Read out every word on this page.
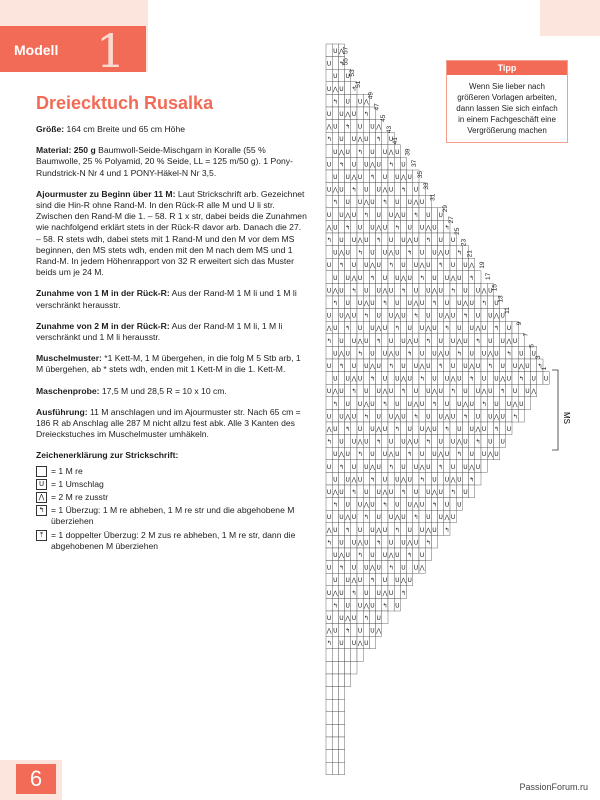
Modell 1
Dreiecktuch Rusalka

Größe: 164 cm Breite und 65 cm Höhe

Material: 250 g Baumwoll-Seide-Mischgarn in Koralle (55 % Baumwolle, 25 % Polyamid, 20 % Seide, LL = 125 m/50 g). 1 Pony-Rundstrick-N Nr 4 und 1 PONY-Häkel-N Nr 3,5.

Ajourmuster zu Beginn über 11 M: Laut Strickschrift arb. Gezeichnet sind die Hin-R ohne Rand-M. In den Rück-R alle M und U li str. Zwischen den Rand-M die 1. – 58. R 1 x str, dabei beids die Zunahmen wie nachfolgend erklärt stets in der Rück-R davor arb. Danach die 27. – 58. R stets wdh, dabei stets mit 1 Rand-M und den M vor dem MS beginnen, den MS stets wdh, enden mit den M nach dem MS und 1 Rand-M. In jedem Höhenrapport von 32 R erweitert sich das Muster beids um je 24 M.

Zunahme von 1 M in der Rück-R: Aus der Rand-M 1 M li und 1 M li verschränkt herausstr.

Zunahme von 2 M in der Rück-R: Aus der Rand-M 1 M li, 1 M li verschränkt und 1 M li herausstr.

Muschelmuster: *1 Kett-M, 1 M übergehen, in die folg M 5 Stb arb, 1 M übergehen, ab * stets wdh, enden mit 1 Kett-M in die 1. Kett-M.

Maschenprobe: 17,5 M und 28,5 R = 10 x 10 cm.

Ausführung: 11 M anschlagen und im Ajourmuster str. Nach 65 cm = 186 R ab Anschlag alle 287 M nicht allzu fest abk. Alle 3 Kanten des Dreieckstuches im Muschelmuster umhäkeln.

Zeichenerklärung zur Strickschrift:
= 1 M re
U = 1 Umschlag
⋀ = 2 M re zusstr
↰ = 1 Überzug: 1 M re abheben, 1 M re str und die abgehobene M überziehen
⤒ = 1 doppelter Überzug: 2 M zus re abheben, 1 M re str, dann die abgehobenen M überziehen
Tipp
Wenn Sie lieber nach größeren Vorlagen arbeiten, dann lassen Sie sich einfach in einem Fachgeschäft eine Vergrößerung machen
U ⋀
U ↰
U U
U ⋀ U ↰
↰ U U ⋀
U U ⋀ U ↰
⋀ U ↰ U U ⋀
↰ U U ⋀ U ↰ U
U ⋀ U ↰ U U ⋀ U
U ↰ U U ⋀ U ↰ U
U U ⋀ U ↰ U U ⋀ U
U ⋀ U ↰ U U ⋀ U ↰ U
↰ U U ⋀ U ↰ U U ⋀ U
U U ⋀ U ↰ U U ⋀ U ↰ U U
⋀ U ↰ U U ⋀ U ↰ U U ⋀ U ↰
↰ U U ⋀ U ↰ U U ⋀ U ↰ U U
U ⋀ U ↰ U U ⋀ U ↰ U U ⋀ U ↰
U ↰ U U ⋀ U ↰ U U ⋀ U ↰ U U ⋀
U U ⋀ U ↰ U U ⋀ U ↰ U U ⋀ U ↰
U ⋀ U ↰ U U ⋀ U ↰ U U ⋀ U ↰ U U ⋀ U
↰ U U ⋀ U ↰ U U ⋀ U ↰ U U ⋀ U ↰ U
U U ⋀ U ↰ U U ⋀ U ↰ U U ⋀ U ↰ U U ⋀ U
⋀ U ↰ U U ⋀ U ↰ U U ⋀ U ↰ U U ⋀ U ↰ U
↰ U U ⋀ U ↰ U U ⋀ U ↰ U U ⋀ U ↰ U U ⋀ U
U ⋀ U ↰ U U ⋀ U ↰ U U ⋀ U ↰ U U ⋀ U ↰ U U
U ↰ U U ⋀ U ↰ U U ⋀ U ↰ U U ⋀ U ↰ U U ⋀ U ↰
U U ⋀ U ↰ U U ⋀ U ↰ U U ⋀ U ↰ U U ⋀ U ↰ U U
U ⋀ U ↰ U U ⋀ U ↰ U U ⋀ U ↰ U U ⋀ U ↰ U U ⋀
↰ U U ⋀ U ↰ U U ⋀ U ↰ U U ⋀ U ↰ U U ⋀ U
U U ⋀ U ↰ U U ⋀ U ↰ U U ⋀ U ↰ U U ⋀ U ↰
⋀ U ↰ U U ⋀ U ↰ U U ⋀ U ↰ U U ⋀ U ↰ U
↰ U U ⋀ U ↰ U U ⋀ U ↰ U U ⋀ U ↰ U U
U ⋀ U ↰ U U ⋀ U ↰ U U ⋀ U ↰ U U ⋀ U
U ↰ U U ⋀ U ↰ U U ⋀ U ↰ U U ⋀ U
U U ⋀ U ↰ U U ⋀ U ↰ U U ⋀ U ↰
U ⋀ U ↰ U U ⋀ U ↰ U U ⋀ U ↰ U
↰ U U ⋀ U ↰ U U ⋀ U ↰ U U
U U ⋀ U ↰ U U ⋀ U ↰ U U ⋀ U
⋀ U ↰ U U ⋀ U ↰ U U ⋀ U ↰
↰ U U ⋀ U ↰ U U ⋀ U ↰
U ⋀ U ↰ U U ⋀ U ↰ U
U ↰ U U ⋀ U ↰ U U ⋀
U U ⋀ U ↰ U U ⋀ U
U ⋀ U ↰ U U ⋀ U ↰
↰ U U ⋀ U ↰ U
U U ⋀ U ↰ U
⋀ U ↰ U U ⋀
↰ U U ⋀ U
57
55
53
51
49
47
45
43
41
39
37
35
33
31
29
27
25
23
21
19
17
15
13
11
9
7
5
3
1
MS
6	PassionForum.ru
